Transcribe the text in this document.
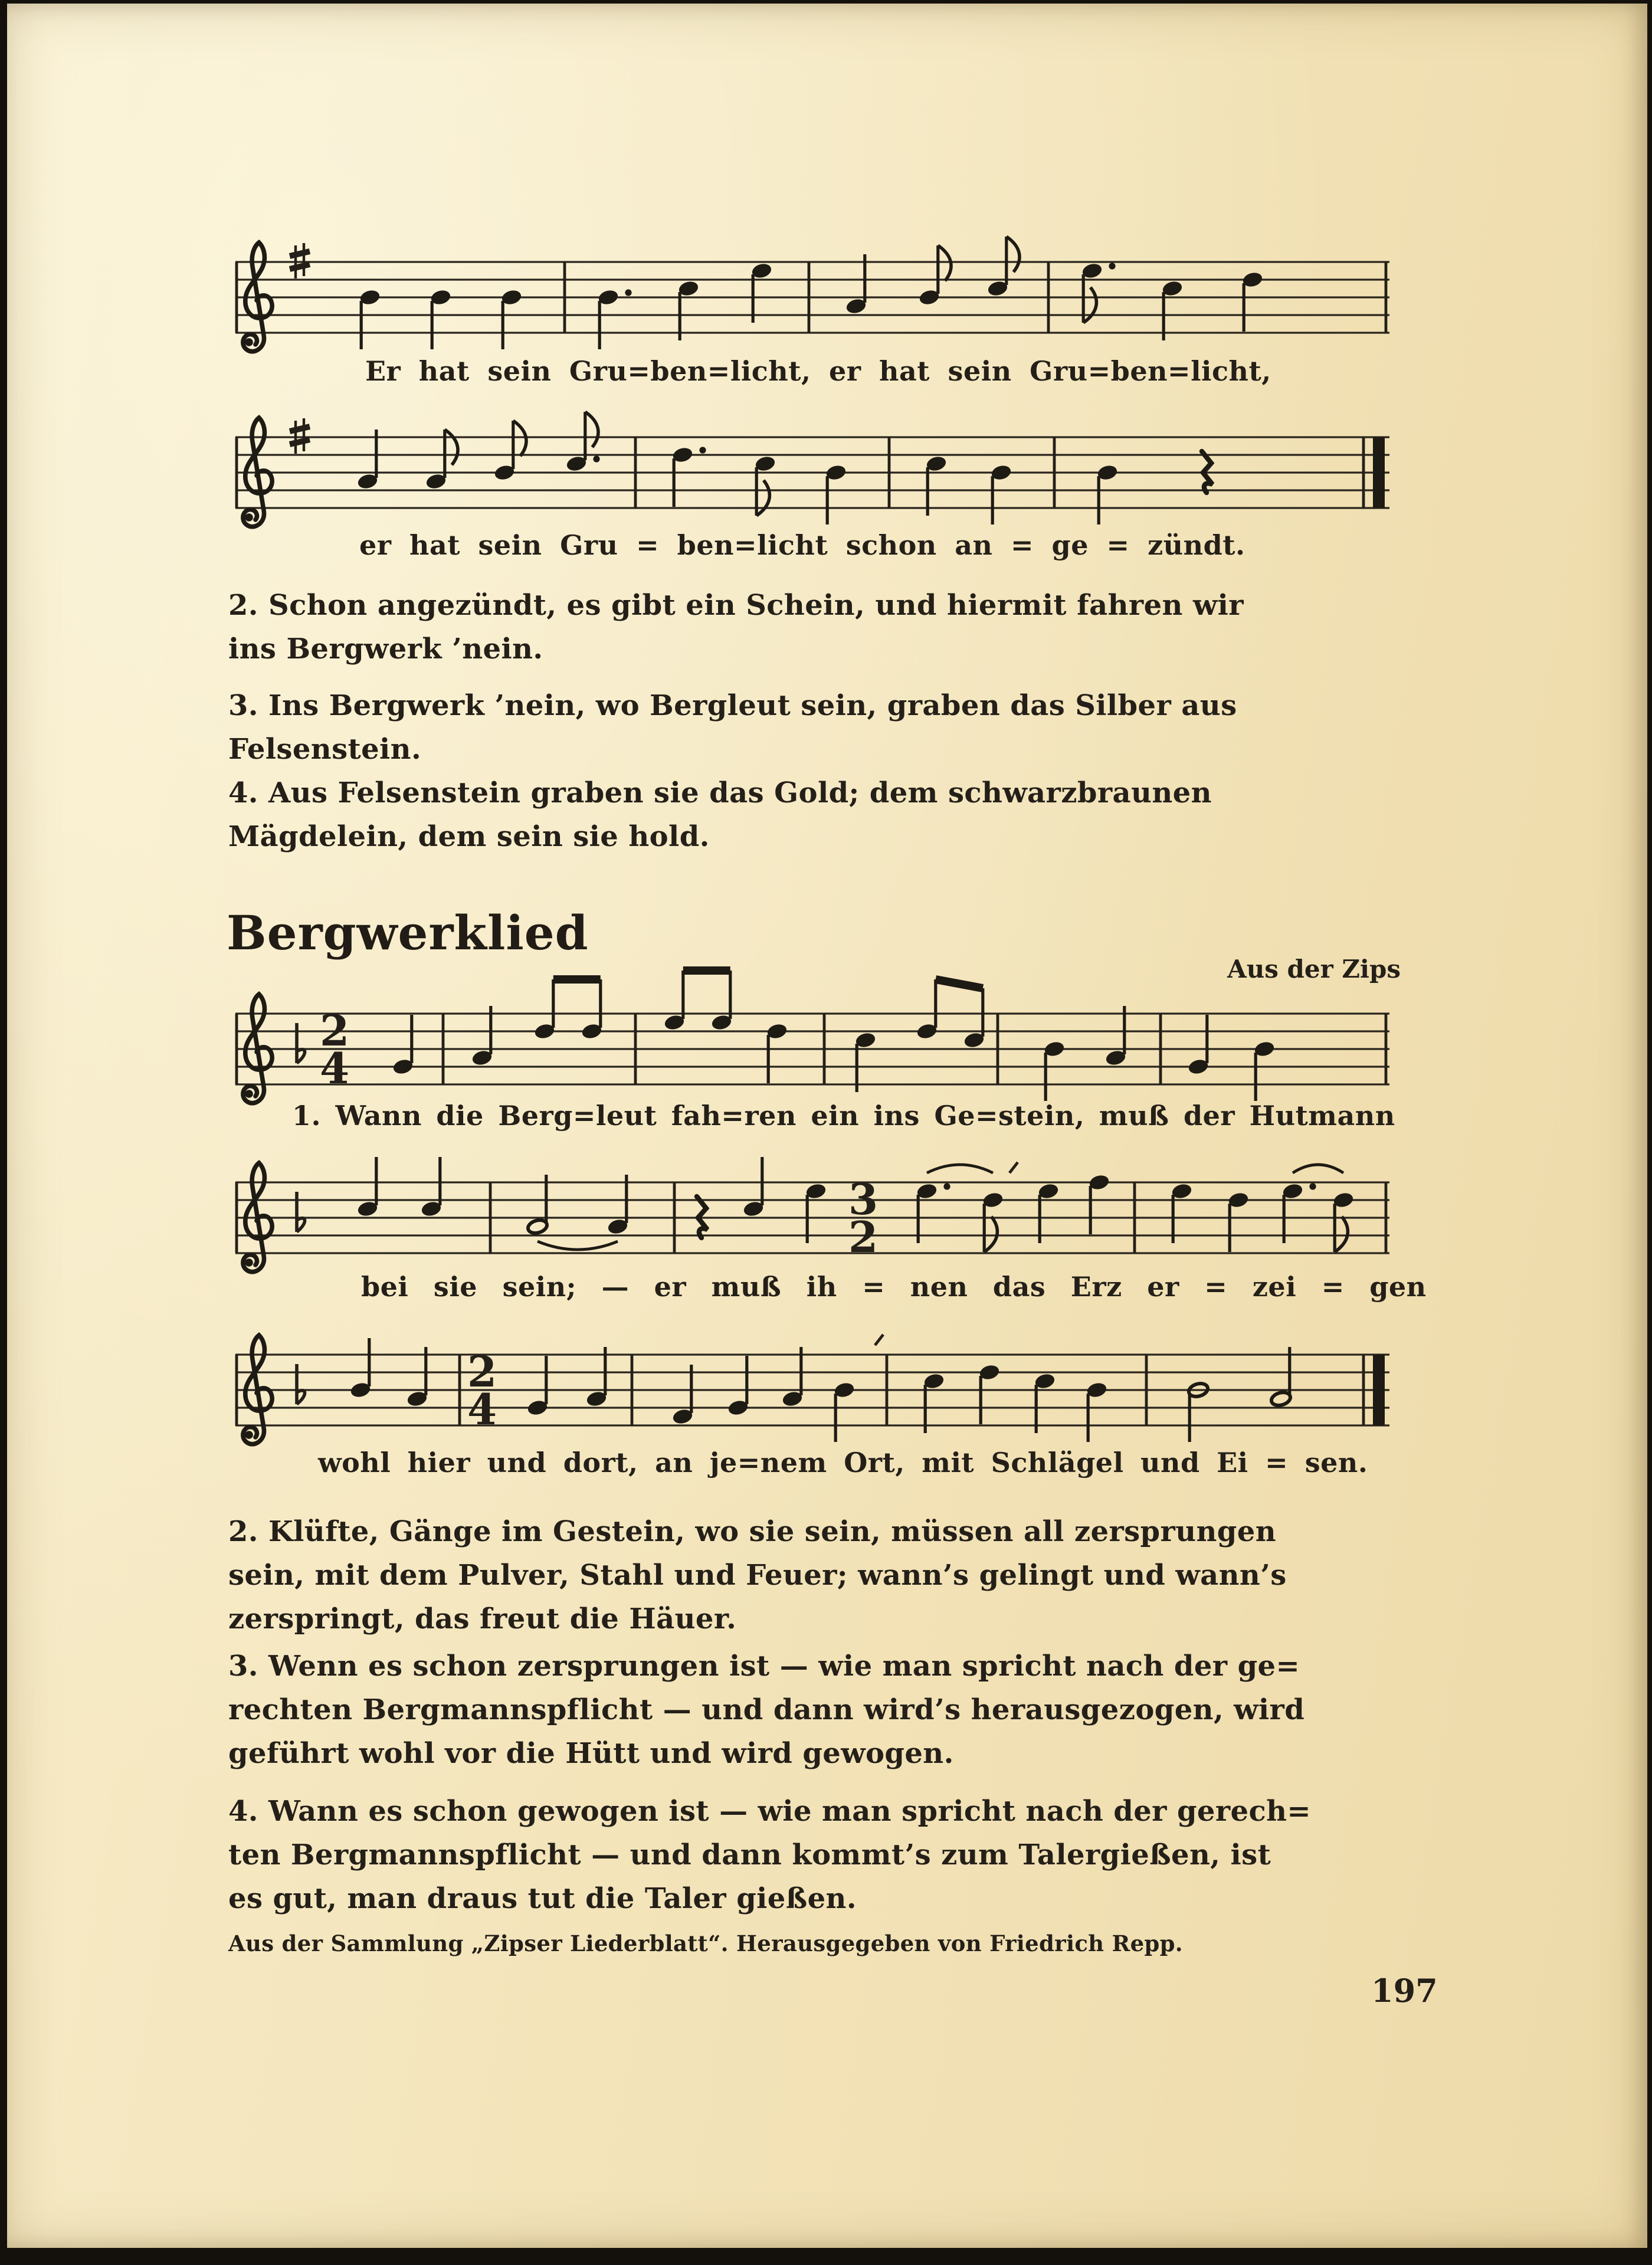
Er hat sein Gru=ben=licht, er hat sein Gru=ben=licht,
er hat sein Gru = ben=licht schon an = ge = zündt.
2. Schon angezündt, es gibt ein Schein, und hiermit fahren wir
ins Bergwerk ’nein.
3. Ins Bergwerk ’nein, wo Bergleut sein, graben das Silber aus
Felsenstein.
4. Aus Felsenstein graben sie das Gold; dem schwarzbraunen
Mägdelein, dem sein sie hold.
Bergwerklied
Aus der Zips
2
4
1. Wann die Berg=leut fah=ren ein ins Ge=stein, muß der Hutmann
3
2
bei sie sein; — er muß ih = nen das Erz er = zei = gen
2
4
wohl hier und dort, an je=nem Ort, mit Schlägel und Ei = sen.
2. Klüfte, Gänge im Gestein, wo sie sein, müssen all zersprungen
sein, mit dem Pulver, Stahl und Feuer; wann’s gelingt und wann’s
zerspringt, das freut die Häuer.
3. Wenn es schon zersprungen ist — wie man spricht nach der ge=
rechten Bergmannspflicht — und dann wird’s herausgezogen, wird
geführt wohl vor die Hütt und wird gewogen.
4. Wann es schon gewogen ist — wie man spricht nach der gerech=
ten Bergmannspflicht — und dann kommt’s zum Talergießen, ist
es gut, man draus tut die Taler gießen.
Aus der Sammlung „Zipser Liederblatt“. Herausgegeben von Friedrich Repp.
197
